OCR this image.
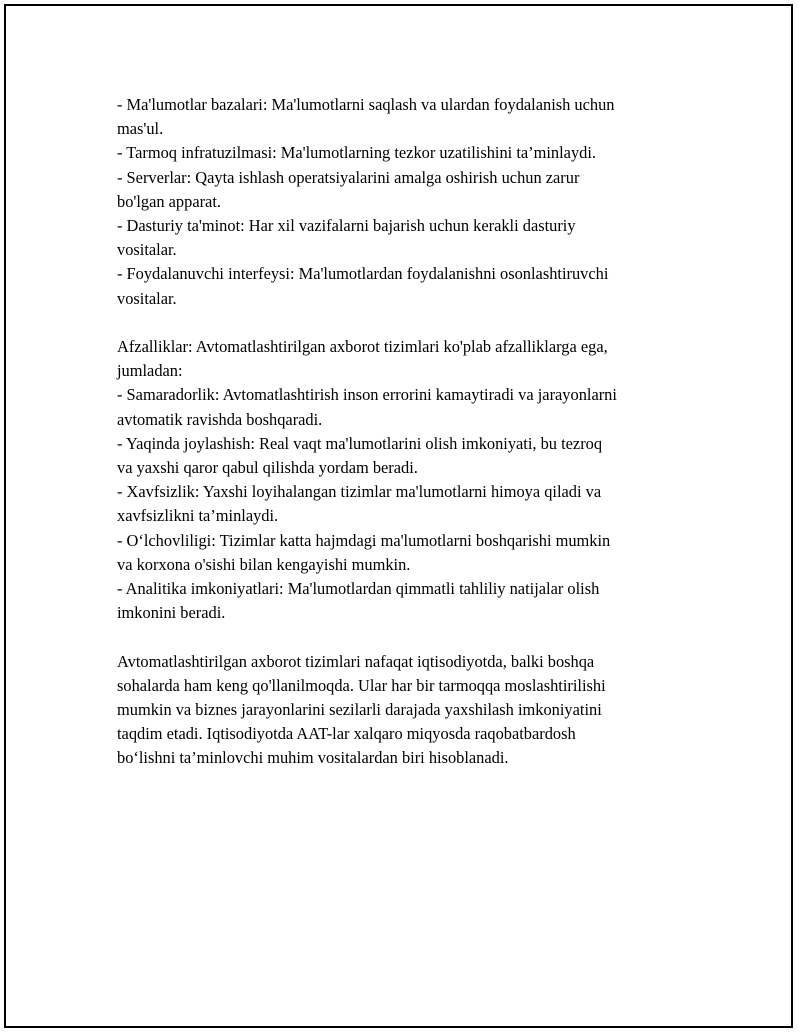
- Ma'lumotlar bazalari: Ma'lumotlarni saqlash va ulardan foydalanish uchun

mas'ul.

- Tarmoq infratuzilmasi: Ma'lumotlarning tezkor uzatilishini ta’minlaydi.

- Serverlar: Qayta ishlash operatsiyalarini amalga oshirish uchun zarur

bo'lgan apparat.

- Dasturiy ta'minot: Har xil vazifalarni bajarish uchun kerakli dasturiy

vositalar.

- Foydalanuvchi interfeysi: Ma'lumotlardan foydalanishni osonlashtiruvchi

vositalar.

Afzalliklar: Avtomatlashtirilgan axborot tizimlari ko'plab afzalliklarga ega,

jumladan:

- Samaradorlik: Avtomatlashtirish inson errorini kamaytiradi va jarayonlarni

avtomatik ravishda boshqaradi.

- Yaqinda joylashish: Real vaqt ma'lumotlarini olish imkoniyati, bu tezroq

va yaxshi qaror qabul qilishda yordam beradi.

- Xavfsizlik: Yaxshi loyihalangan tizimlar ma'lumotlarni himoya qiladi va

xavfsizlikni ta’minlaydi.

- O‘lchovliligi: Tizimlar katta hajmdagi ma'lumotlarni boshqarishi mumkin

va korxona o'sishi bilan kengayishi mumkin.

- Analitika imkoniyatlari: Ma'lumotlardan qimmatli tahliliy natijalar olish

imkonini beradi.

Avtomatlashtirilgan axborot tizimlari nafaqat iqtisodiyotda, balki boshqa

sohalarda ham keng qo'llanilmoqda. Ular har bir tarmoqqa moslashtirilishi

mumkin va biznes jarayonlarini sezilarli darajada yaxshilash imkoniyatini

taqdim etadi. Iqtisodiyotda AAT-lar xalqaro miqyosda raqobatbardosh

bo‘lishni ta’minlovchi muhim vositalardan biri hisoblanadi.
